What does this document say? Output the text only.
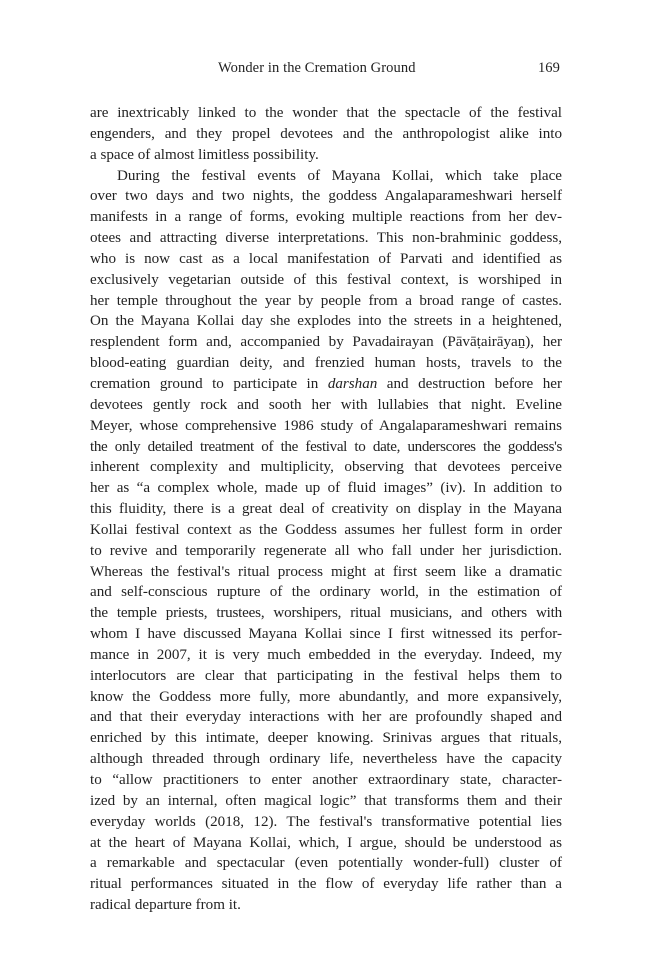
Wonder in the Cremation Ground	169
are inextricably linked to the wonder that the spectacle of the festival
engenders, and they propel devotees and the anthropologist alike into
a space of almost limitless possibility.
During the festival events of Mayana Kollai, which take place
over two days and two nights, the goddess Angalaparameshwari herself
manifests in a range of forms, evoking multiple reactions from her dev-
otees and attracting diverse interpretations. This non-brahminic goddess,
who is now cast as a local manifestation of Parvati and identified as
exclusively vegetarian outside of this festival context, is worshiped in
her temple throughout the year by people from a broad range of castes.
On the Mayana Kollai day she explodes into the streets in a heightened,
resplendent form and, accompanied by Pavadairayan (Pāvāṭairāyaṉ), her
blood-eating guardian deity, and frenzied human hosts, travels to the
cremation ground to participate in darshan and destruction before her
devotees gently rock and sooth her with lullabies that night. Eveline
Meyer, whose comprehensive 1986 study of Angalaparameshwari remains
the only detailed treatment of the festival to date, underscores the goddess's
inherent complexity and multiplicity, observing that devotees perceive
her as “a complex whole, made up of fluid images” (iv). In addition to
this fluidity, there is a great deal of creativity on display in the Mayana
Kollai festival context as the Goddess assumes her fullest form in order
to revive and temporarily regenerate all who fall under her jurisdiction.
Whereas the festival's ritual process might at first seem like a dramatic
and self-conscious rupture of the ordinary world, in the estimation of
the temple priests, trustees, worshipers, ritual musicians, and others with
whom I have discussed Mayana Kollai since I first witnessed its perfor-
mance in 2007, it is very much embedded in the everyday. Indeed, my
interlocutors are clear that participating in the festival helps them to
know the Goddess more fully, more abundantly, and more expansively,
and that their everyday interactions with her are profoundly shaped and
enriched by this intimate, deeper knowing. Srinivas argues that rituals,
although threaded through ordinary life, nevertheless have the capacity
to “allow practitioners to enter another extraordinary state, character-
ized by an internal, often magical logic” that transforms them and their
everyday worlds (2018, 12). The festival's transformative potential lies
at the heart of Mayana Kollai, which, I argue, should be understood as
a remarkable and spectacular (even potentially wonder-full) cluster of
ritual performances situated in the flow of everyday life rather than a
radical departure from it.
